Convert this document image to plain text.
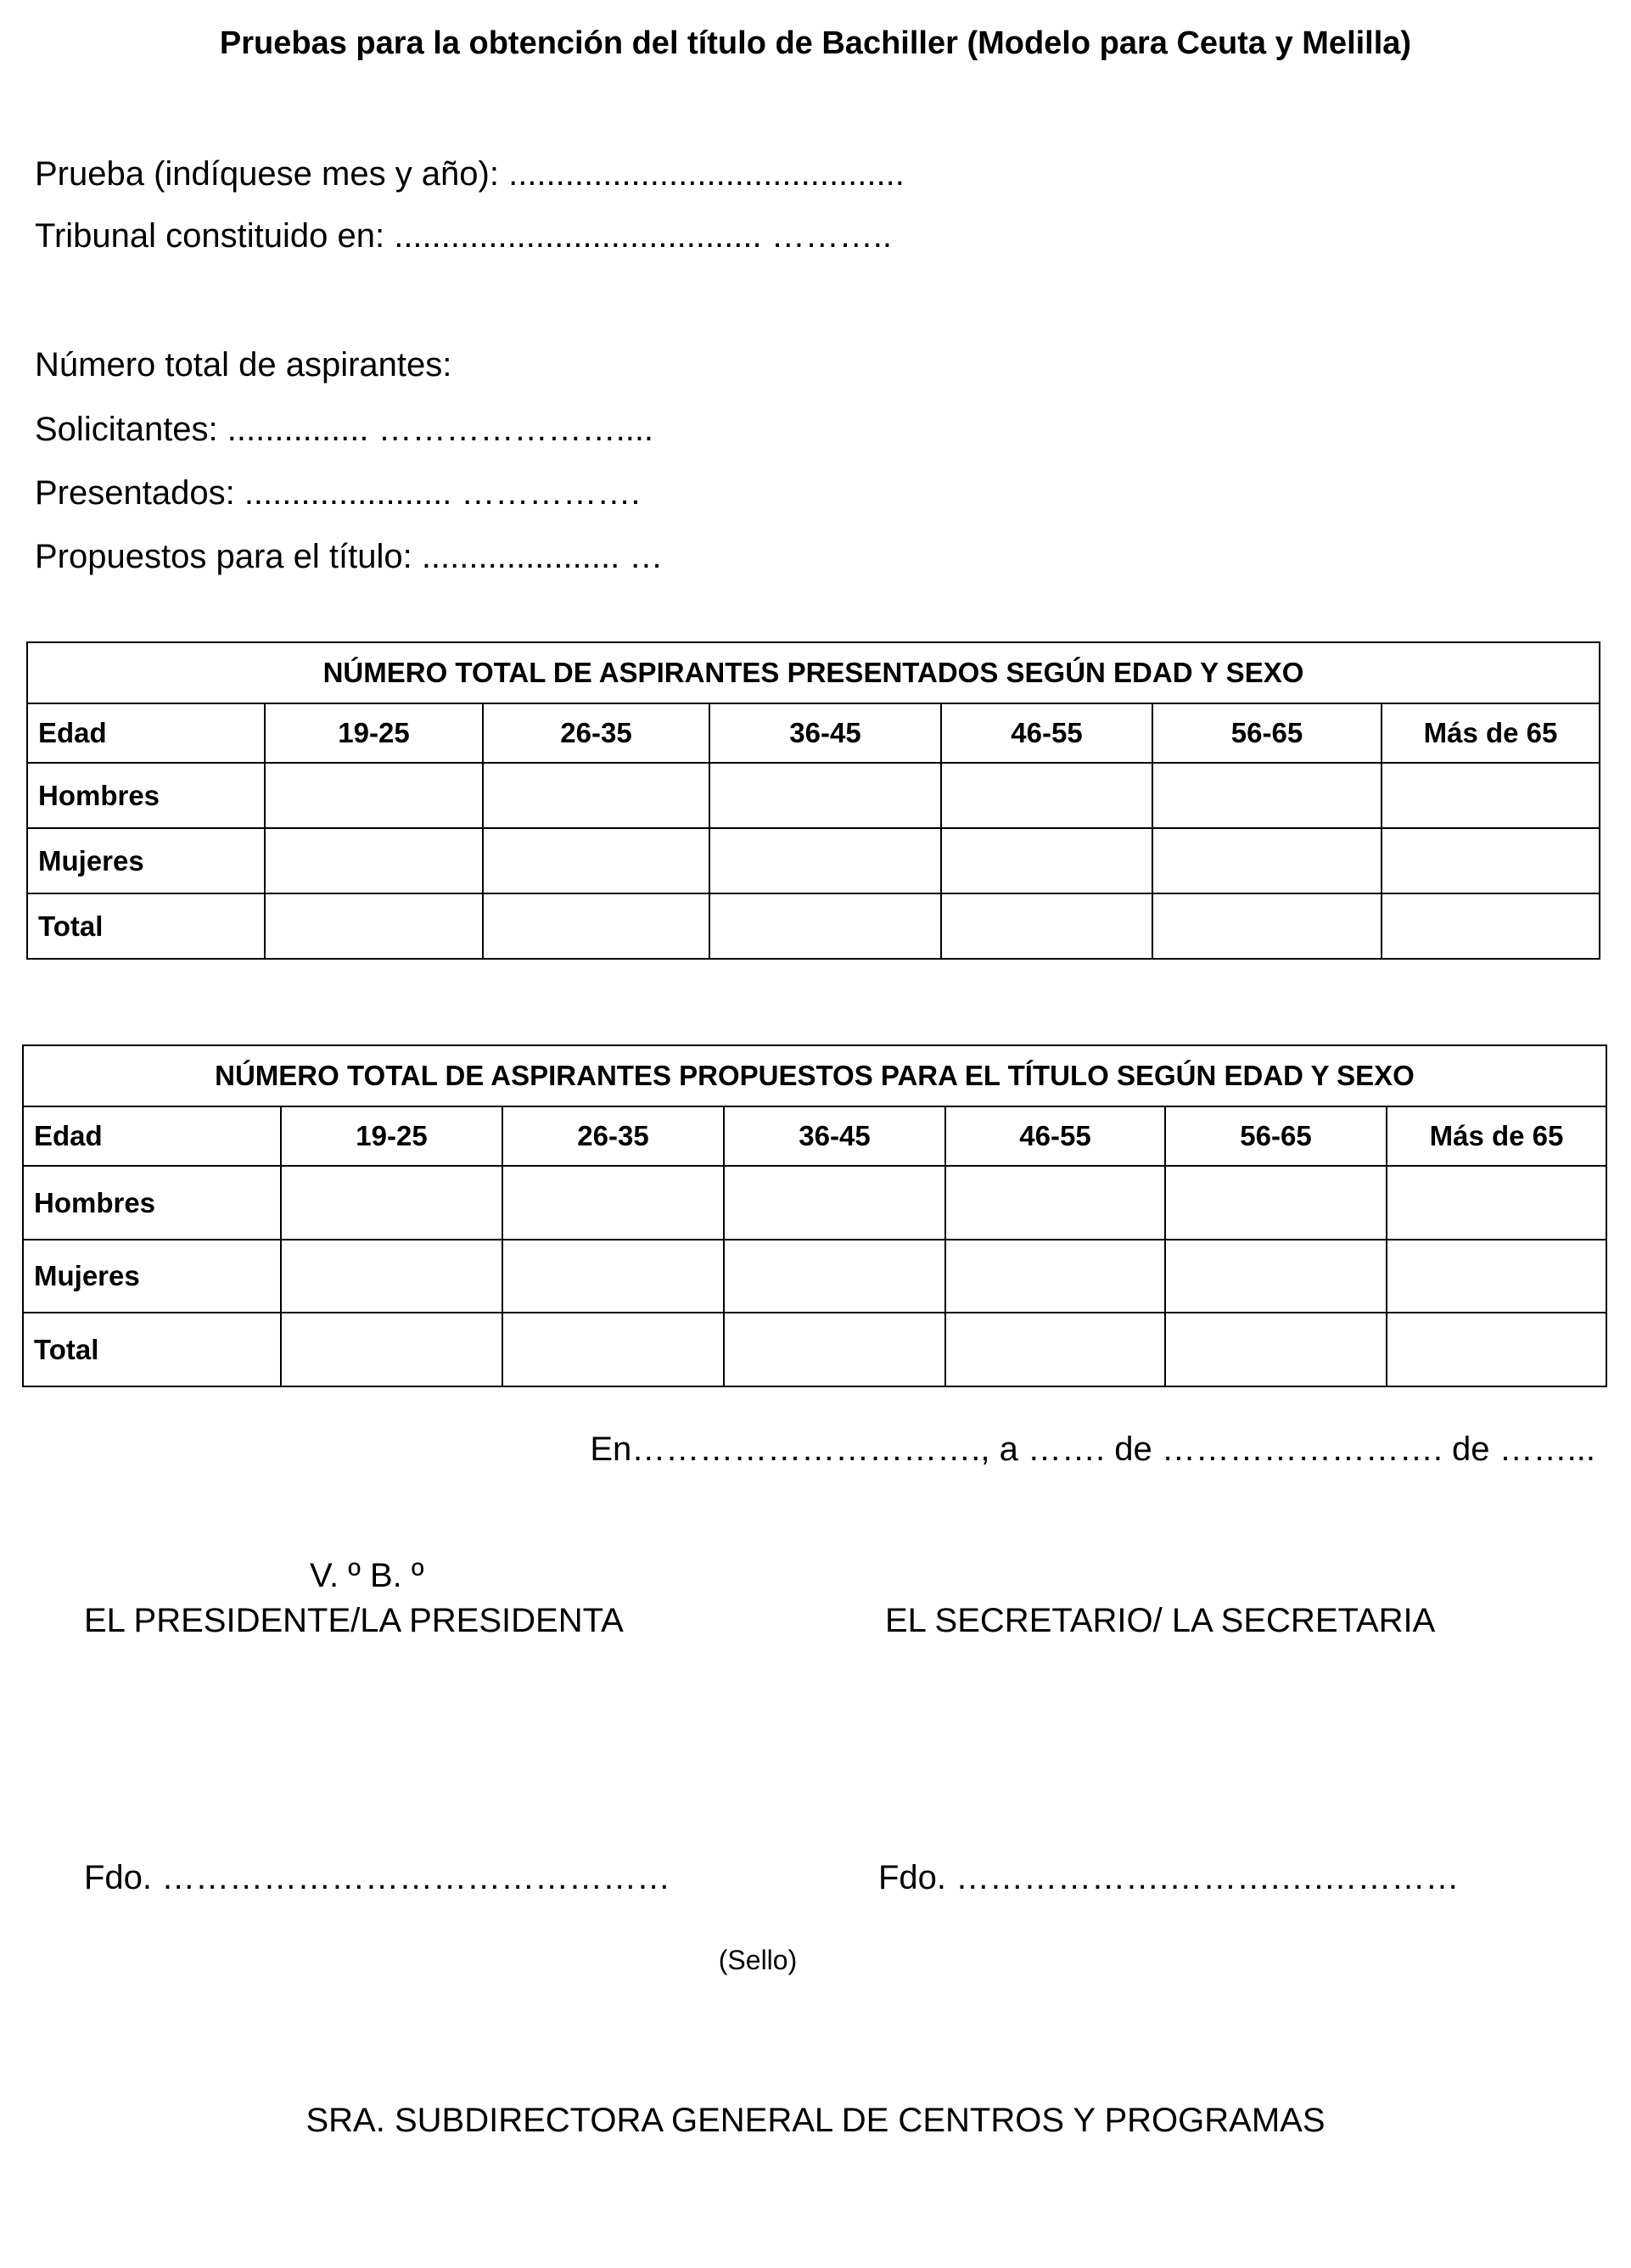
Pruebas para la obtención del título de Bachiller (Modelo para Ceuta y Melilla)
Prueba (indíquese mes y año): ..........................................
Tribunal constituido en: ....................................... ………..
Número total de aspirantes:
Solicitantes: ............... …………………....
Presentados: ...................... …………….
Propuestos para el título: ..................... …
NÚMERO TOTAL DE ASPIRANTES PRESENTADOS SEGÚN EDAD Y SEXO						
Edad	19-25	26-35	36-45	46-55	56-65	Más de 65
Hombres						
Mujeres						
Total						
NÚMERO TOTAL DE ASPIRANTES PROPUESTOS PARA EL TÍTULO SEGÚN EDAD Y SEXO						
Edad	19-25	26-35	36-45	46-55	56-65	Más de 65
Hombres						
Mujeres						
Total						
En…………………………., a ……. de ……………………. de ……...
V. º B. º
EL PRESIDENTE/LA PRESIDENTA	EL SECRETARIO/ LA SECRETARIA
Fdo. ………………………………………	Fdo. ……………….……….….…………
(Sello)
SRA. SUBDIRECTORA GENERAL DE CENTROS Y PROGRAMAS
